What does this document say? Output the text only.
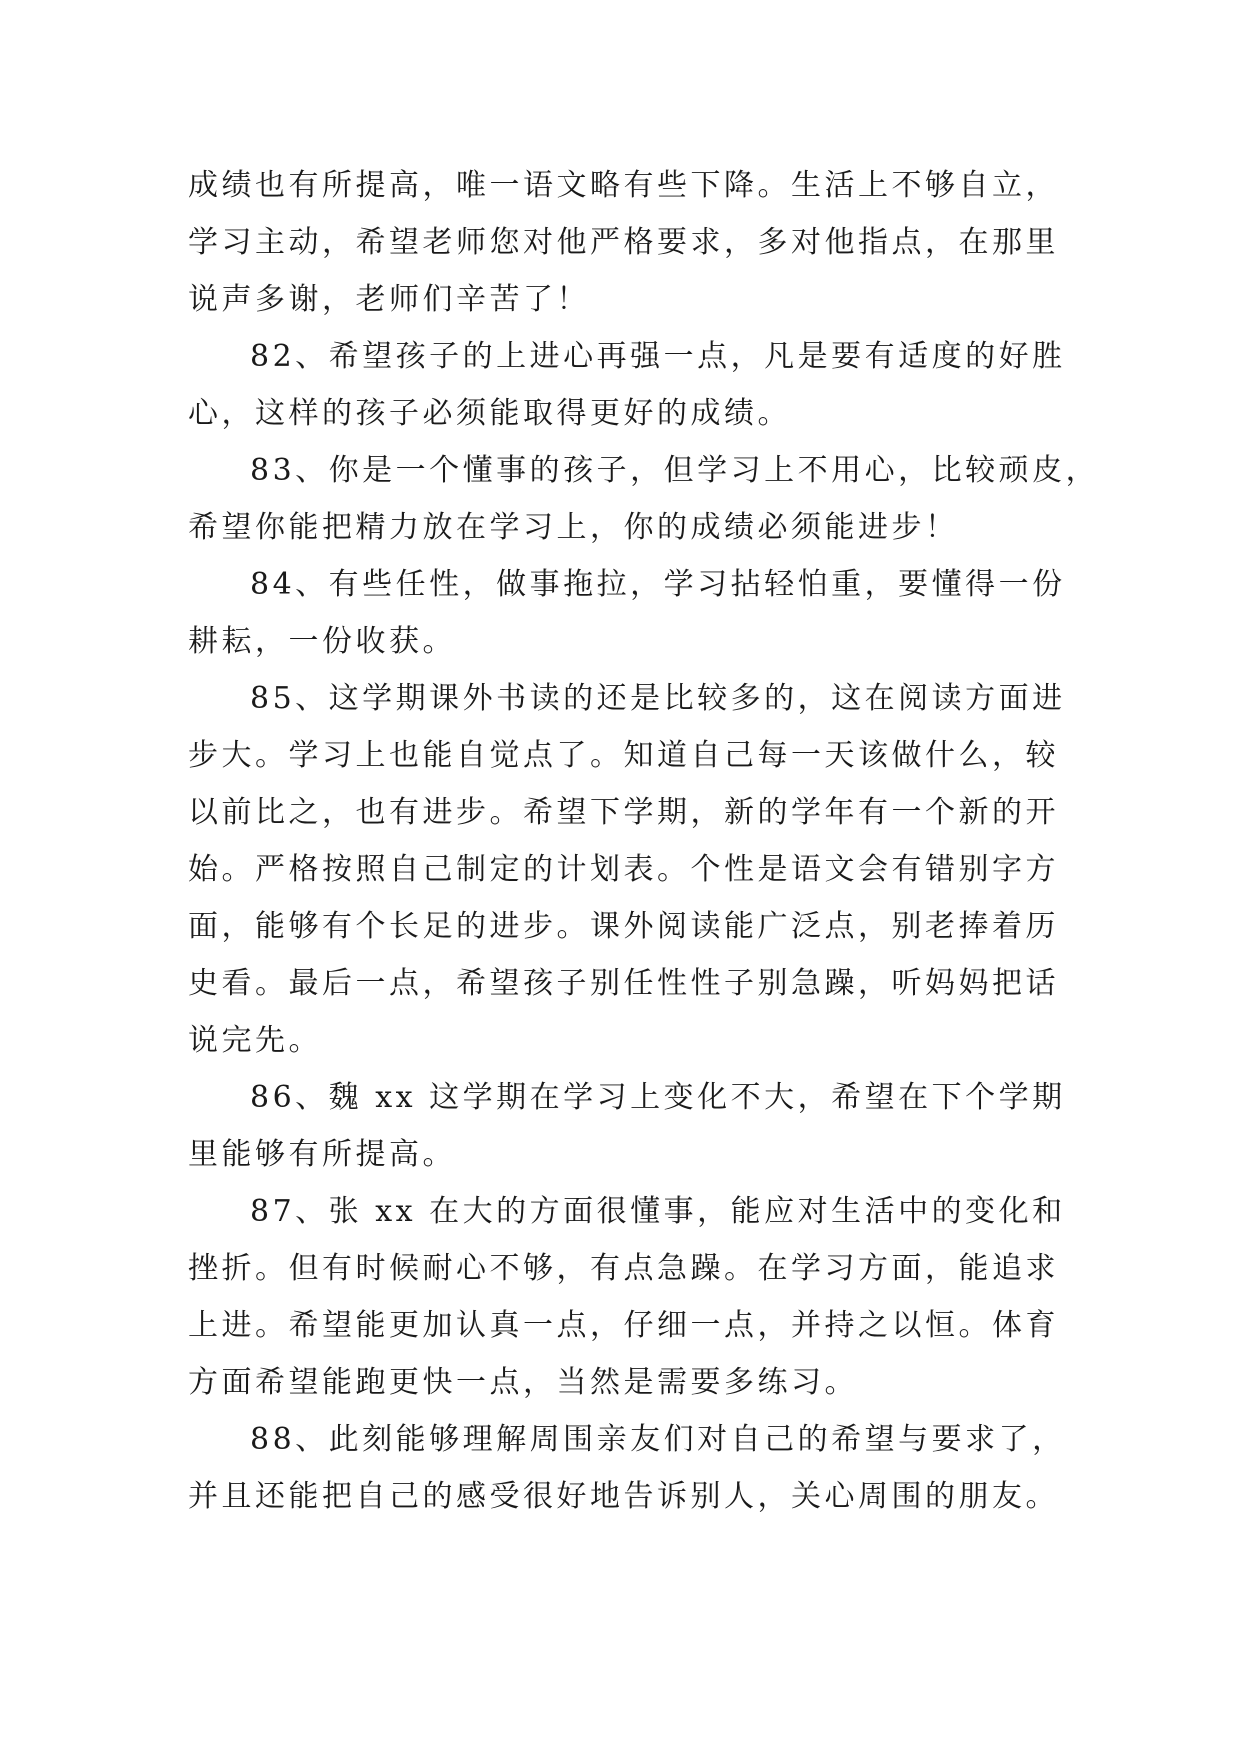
成绩也有所提高，唯一语文略有些下降。生活上不够自立，
学习主动，希望老师您对他严格要求，多对他指点，在那里
说声多谢，老师们辛苦了！
82、希望孩子的上进心再强一点，凡是要有适度的好胜
心，这样的孩子必须能取得更好的成绩。
83、你是一个懂事的孩子，但学习上不用心，比较顽皮，
希望你能把精力放在学习上，你的成绩必须能进步！
84、有些任性，做事拖拉，学习拈轻怕重，要懂得一份
耕耘，一份收获。
85、这学期课外书读的还是比较多的，这在阅读方面进
步大。学习上也能自觉点了。知道自己每一天该做什么，较
以前比之，也有进步。希望下学期，新的学年有一个新的开
始。严格按照自己制定的计划表。个性是语文会有错别字方
面，能够有个长足的进步。课外阅读能广泛点，别老捧着历
史看。最后一点，希望孩子别任性性子别急躁，听妈妈把话
说完先。
86、魏 xx 这学期在学习上变化不大，希望在下个学期
里能够有所提高。
87、张 xx 在大的方面很懂事，能应对生活中的变化和
挫折。但有时候耐心不够，有点急躁。在学习方面，能追求
上进。希望能更加认真一点，仔细一点，并持之以恒。体育
方面希望能跑更快一点，当然是需要多练习。
88、此刻能够理解周围亲友们对自己的希望与要求了，
并且还能把自己的感受很好地告诉别人，关心周围的朋友。
